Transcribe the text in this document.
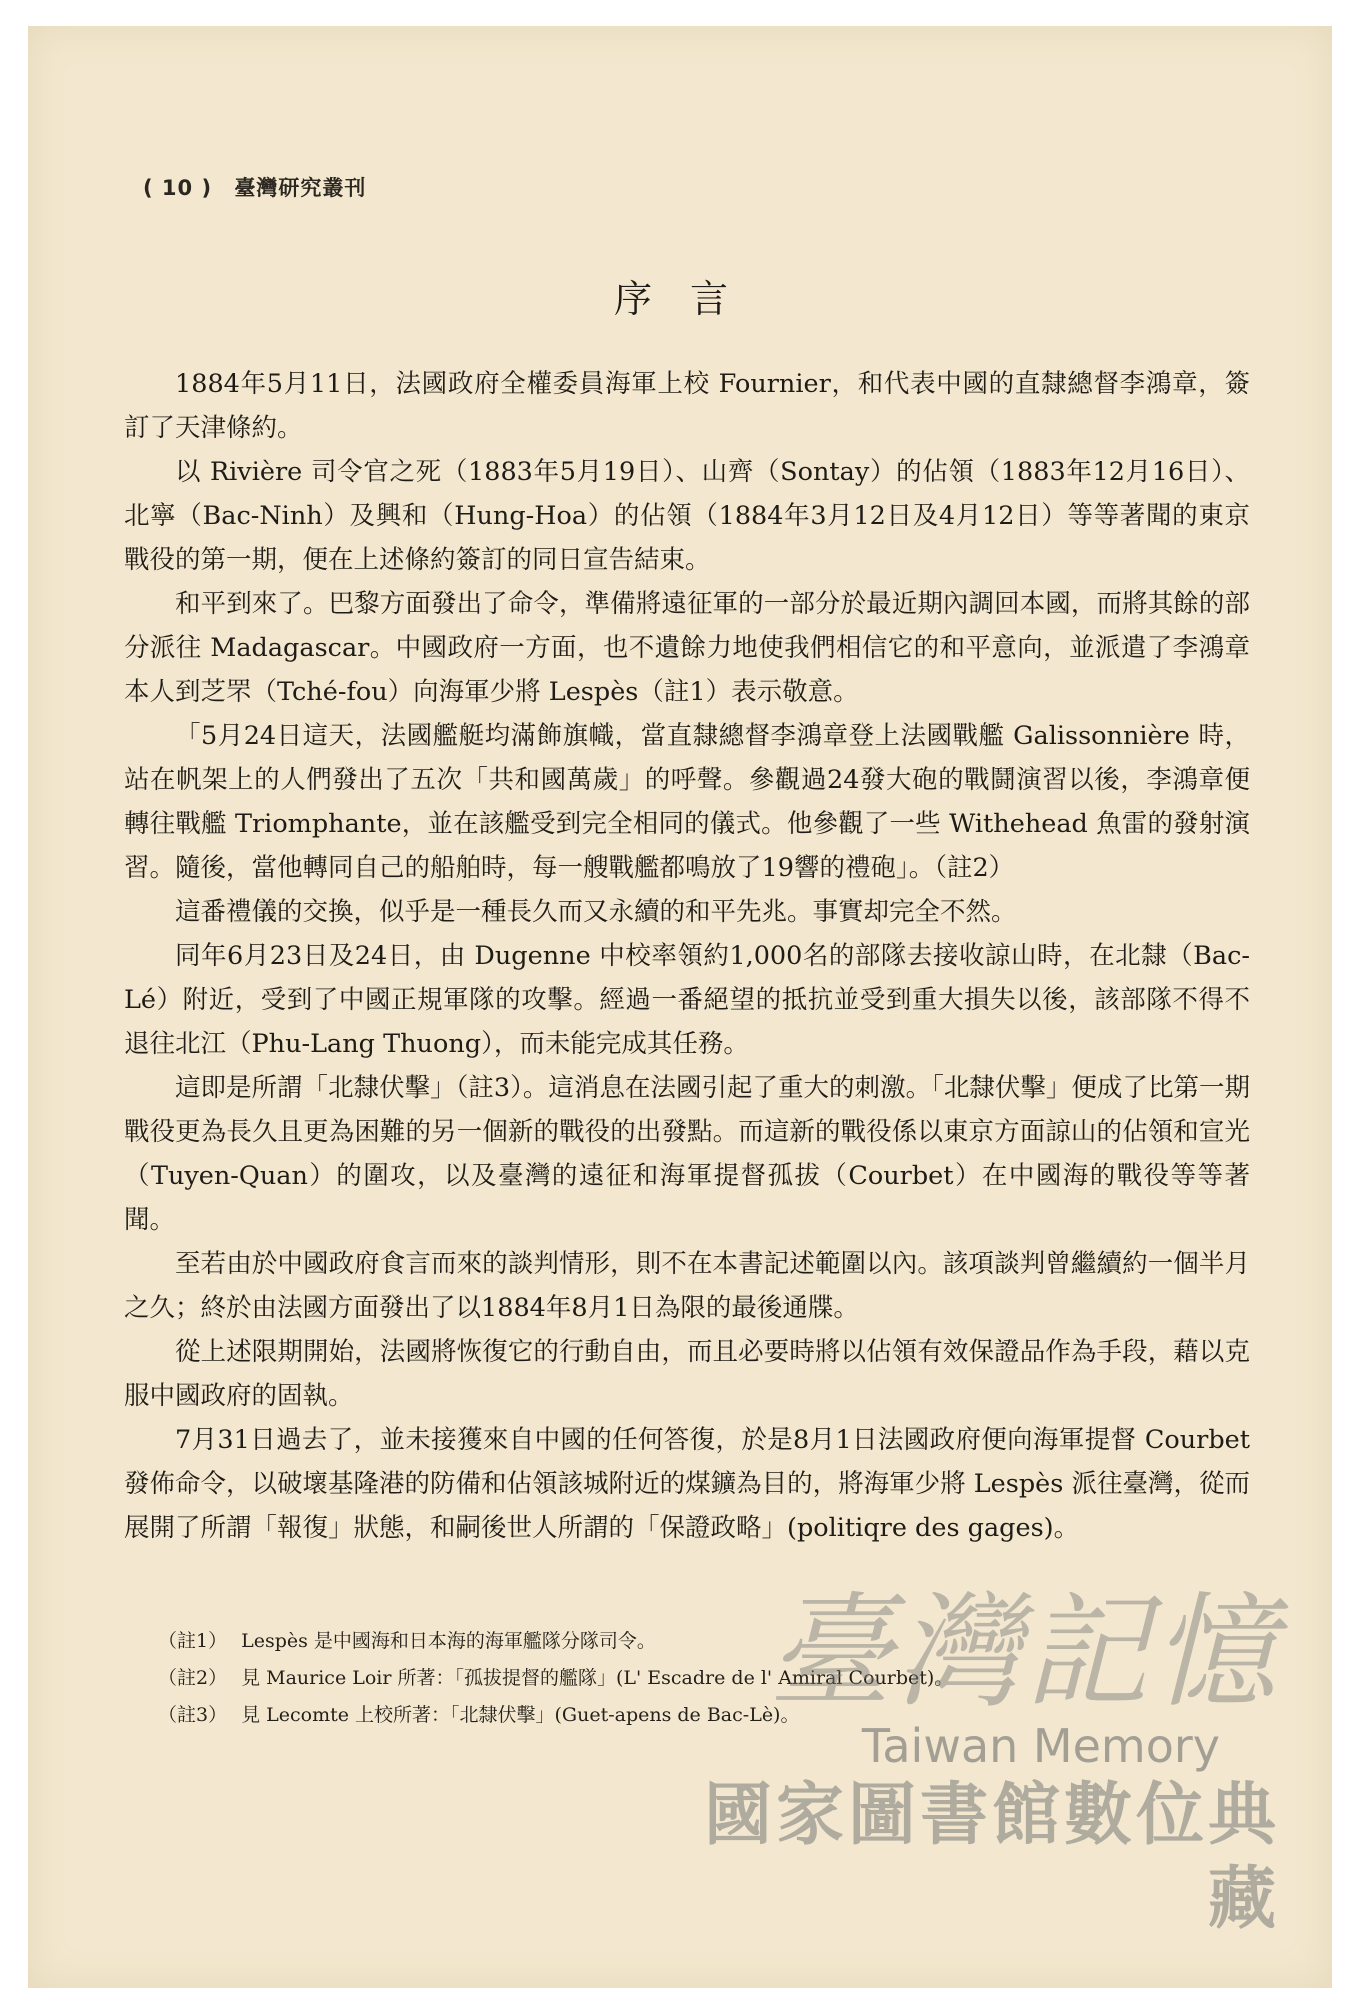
( 10 ) 臺灣研究叢刊
序言

1884年5月11日，法國政府全權委員海軍上校 Fournier，和代表中國的直隸總督李鴻章，簽訂了天津條約。

以 Rivière 司令官之死（1883年5月19日）、山齊（Sontay）的佔領（1883年12月16日）、北寧（Bac-Ninh）及興和（Hung-Hoa）的佔領（1884年3月12日及4月12日）等等著聞的東京戰役的第一期，便在上述條約簽訂的同日宣告結束。

和平到來了。巴黎方面發出了命令，準備將遠征軍的一部分於最近期內調回本國，而將其餘的部分派往 Madagascar。中國政府一方面，也不遺餘力地使我們相信它的和平意向，並派遣了李鴻章本人到芝罘（Tché-fou）向海軍少將 Lespès（註1）表示敬意。

「5月24日這天，法國艦艇均滿飾旗幟，當直隸總督李鴻章登上法國戰艦 Galissonnière 時，站在帆架上的人們發出了五次「共和國萬歲」的呼聲。參觀過24發大砲的戰鬪演習以後，李鴻章便轉往戰艦 Triomphante，並在該艦受到完全相同的儀式。他參觀了一些 Withehead 魚雷的發射演習。隨後，當他轉同自己的船舶時，每一艘戰艦都鳴放了19響的禮砲」。（註2）

這番禮儀的交換，似乎是一種長久而又永續的和平先兆。事實却完全不然。

同年6月23日及24日，由 Dugenne 中校率領約1,000名的部隊去接收諒山時，在北隸（Bac-Lé）附近，受到了中國正規軍隊的攻擊。經過一番絕望的抵抗並受到重大損失以後，該部隊不得不退往北江（Phu-Lang Thuong），而未能完成其任務。

這即是所謂「北隸伏擊」（註3）。這消息在法國引起了重大的刺激。「北隸伏擊」便成了比第一期戰役更為長久且更為困難的另一個新的戰役的出發點。而這新的戰役係以東京方面諒山的佔領和宣光（Tuyen-Quan）的圍攻，以及臺灣的遠征和海軍提督孤拔（Courbet）在中國海的戰役等等著聞。

至若由於中國政府食言而來的談判情形，則不在本書記述範圍以內。該項談判曾繼續約一個半月之久；終於由法國方面發出了以1884年8月1日為限的最後通牒。

從上述限期開始，法國將恢復它的行動自由，而且必要時將以佔領有效保證品作為手段，藉以克服中國政府的固執。

7月31日過去了，並未接獲來自中國的任何答復，於是8月1日法國政府便向海軍提督 Courbet 發佈命令，以破壞基隆港的防備和佔領該城附近的煤鑛為目的，將海軍少將 Lespès 派往臺灣，從而展開了所謂「報復」狀態，和嗣後世人所謂的「保證政略」(politiqre des gages)。

（註1） Lespès 是中國海和日本海的海軍艦隊分隊司令。
（註2） 見 Maurice Loir 所著：「孤拔提督的艦隊」(L' Escadre de l' Amiral Courbet)。
（註3） 見 Lecomte 上校所著：「北隸伏擊」(Guet-apens de Bac-Lè)。
臺灣記憶
Taiwan Memory
國家圖書館數位典藏
